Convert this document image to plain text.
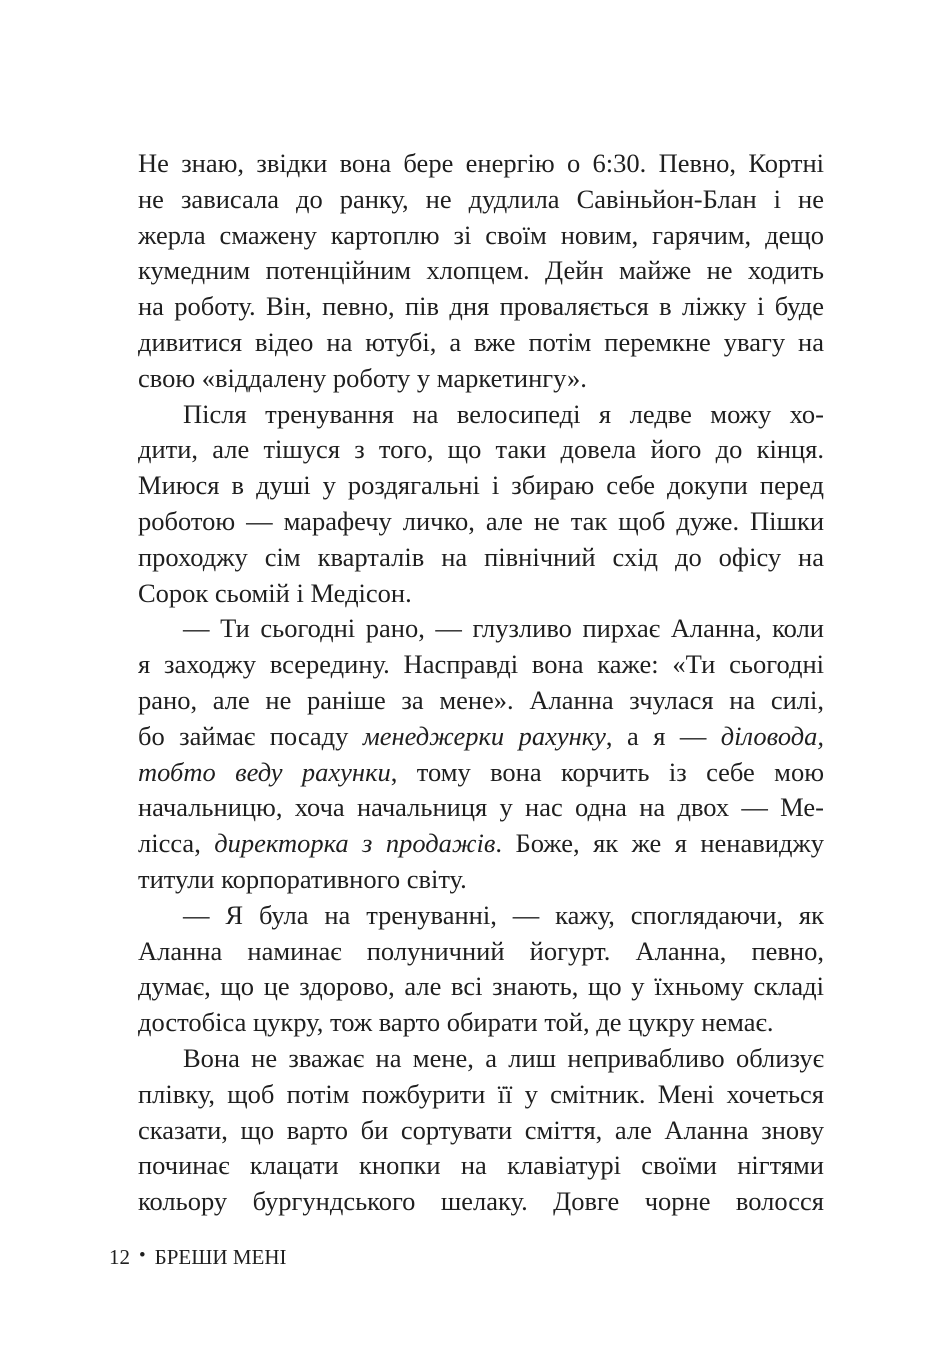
Не знаю, звідки вона бере енергію о 6:30. Певно, Кортні
не зависала до ранку, не дудлила Савіньйон-Блан і не
жерла смажену картоплю зі своїм новим, гарячим, дещо
кумедним потенційним хлопцем. Дейн майже не ходить
на роботу. Він, певно, пів дня проваляється в ліжку і буде
дивитися відео на ютубі, а вже потім перемкне увагу на
свою «віддалену роботу у маркетингу».
Після тренування на велосипеді я ледве можу хо-
дити, але тішуся з того, що таки довела його до кінця.
Миюся в душі у роздягальні і збираю себе докупи перед
роботою — марафечу личко, але не так щоб дуже. Пішки
проходжу сім кварталів на північний схід до офісу на
Сорок сьомій і Медісон.
— Ти сьогодні рано, — глузливо пирхає Аланна, коли
я заходжу всередину. Насправді вона каже: «Ти сьогодні
рано, але не раніше за мене». Аланна зчулася на силі,
бо займає посаду менеджерки рахунку, а я — діловода,
тобто веду рахунки, тому вона корчить із себе мою
начальницю, хоча начальниця у нас одна на двох — Ме-
лісса, директорка з продажів. Боже, як же я ненавиджу
титули корпоративного світу.
— Я була на тренуванні, — кажу, споглядаючи, як
Аланна наминає полуничний йогурт. Аланна, певно,
думає, що це здорово, але всі знають, що у їхньому складі
достобіса цукру, тож варто обирати той, де цукру немає.
Вона не зважає на мене, а лиш непривабливо облизує
плівку, щоб потім пожбурити її у смітник. Мені хочеться
сказати, що варто би сортувати сміття, але Аланна знову
починає клацати кнопки на клавіатурі своїми нігтями
кольору бургундського шелаку. Довге чорне волосся
12 • БРЕШИ МЕНІ
